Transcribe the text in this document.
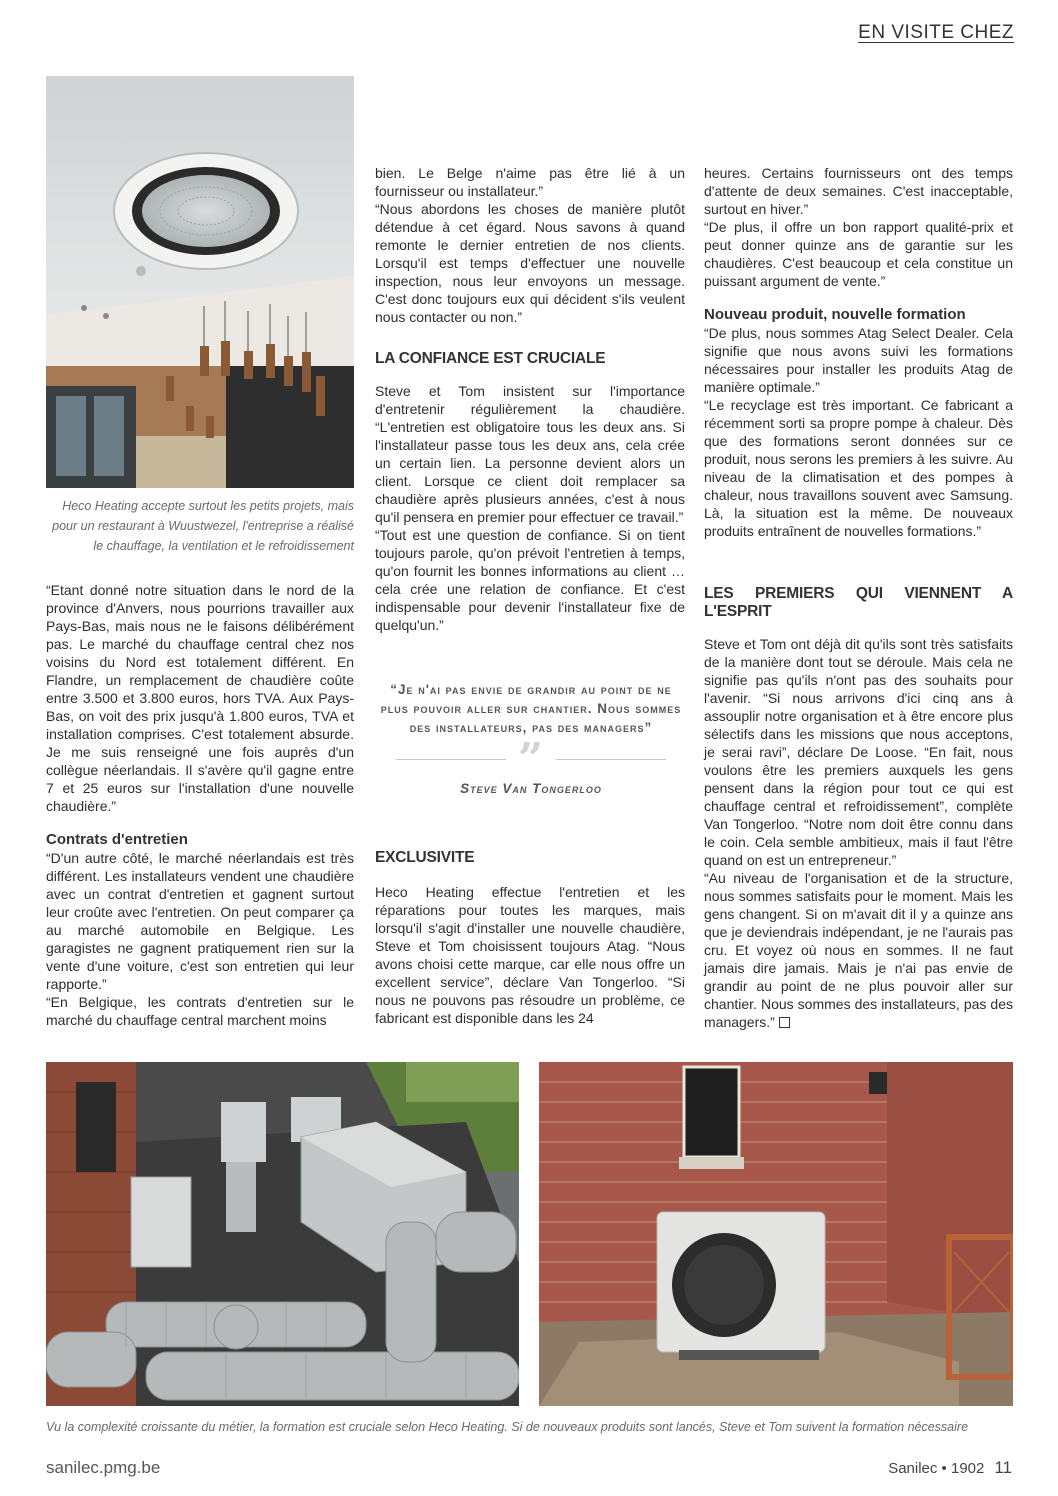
EN VISITE CHEZ
Heco Heating accepte surtout les petits projets, mais pour un restaurant à Wuustwezel, l'entreprise a réalisé le chauffage, la ventilation et le refroidissement

“Etant donné notre situation dans le nord de la province d'Anvers, nous pourrions travailler aux Pays-Bas, mais nous ne le faisons délibérément pas. Le marché du chauffage central chez nos voisins du Nord est totalement différent. En Flandre, un remplacement de chaudière coûte entre 3.500 et 3.800 euros, hors TVA. Aux Pays-Bas, on voit des prix jusqu'à 1.800 euros, TVA et installation comprises. C'est totalement absurde. Je me suis renseigné une fois auprès d'un collègue néerlandais. Il s'avère qu'il gagne entre 7 et 25 euros sur l'installation d'une nouvelle chaudière.”

Contrats d'entretien

“D'un autre côté, le marché néerlandais est très différent. Les installateurs vendent une chaudière avec un contrat d'entretien et gagnent surtout leur croûte avec l'entretien. On peut comparer ça au marché automobile en Belgique. Les garagistes ne gagnent pratiquement rien sur la vente d'une voiture, c'est son entretien qui leur rapporte.”

“En Belgique, les contrats d'entretien sur le marché du chauffage central marchent moins

bien. Le Belge n'aime pas être lié à un fournisseur ou installateur.”

“Nous abordons les choses de manière plutôt détendue à cet égard. Nous savons à quand remonte le dernier entretien de nos clients. Lorsqu'il est temps d'effectuer une nouvelle inspection, nous leur envoyons un message. C'est donc toujours eux qui décident s'ils veulent nous contacter ou non.”

LA CONFIANCE EST CRUCIALE

Steve et Tom insistent sur l'importance d'entretenir régulièrement la chaudière. “L'entretien est obligatoire tous les deux ans. Si l'installateur passe tous les deux ans, cela crée un certain lien. La personne devient alors un client. Lorsque ce client doit remplacer sa chaudière après plusieurs années, c'est à nous qu'il pensera en premier pour effectuer ce travail.”

“Tout est une question de confiance. Si on tient toujours parole, qu'on prévoit l'entretien à temps, qu'on fournit les bonnes informations au client … cela crée une relation de confiance. Et c'est indispensable pour devenir l'installateur fixe de quelqu'un.”

“Je n'ai pas envie de grandir au point de ne plus pouvoir aller sur chantier. Nous sommes des installateurs, pas des managers”
”
Steve Van Tongerloo
EXCLUSIVITE

Heco Heating effectue l'entretien et les réparations pour toutes les marques, mais lorsqu'il s'agit d'installer une nouvelle chaudière, Steve et Tom choisissent toujours Atag. “Nous avons choisi cette marque, car elle nous offre un excellent service”, déclare Van Tongerloo. “Si nous ne pouvons pas résoudre un problème, ce fabricant est disponible dans les 24

heures. Certains fournisseurs ont des temps d'attente de deux semaines. C'est inacceptable, surtout en hiver.”

“De plus, il offre un bon rapport qualité-prix et peut donner quinze ans de garantie sur les chaudières. C'est beaucoup et cela constitue un puissant argument de vente.”

Nouveau produit, nouvelle formation

“De plus, nous sommes Atag Select Dealer. Cela signifie que nous avons suivi les formations nécessaires pour installer les produits Atag de manière optimale.”

“Le recyclage est très important. Ce fabricant a récemment sorti sa propre pompe à chaleur. Dès que des formations seront données sur ce produit, nous serons les premiers à les suivre. Au niveau de la climatisation et des pompes à chaleur, nous travaillons souvent avec Samsung. Là, la situation est la même. De nouveaux produits entraînent de nouvelles formations.”

LES PREMIERS QUI VIENNENT A L'ESPRIT

Steve et Tom ont déjà dit qu'ils sont très satisfaits de la manière dont tout se déroule. Mais cela ne signifie pas qu'ils n'ont pas des souhaits pour l'avenir. “Si nous arrivons d'ici cinq ans à assouplir notre organisation et à être encore plus sélectifs dans les missions que nous acceptons, je serai ravi”, déclare De Loose. “En fait, nous voulons être les premiers auxquels les gens pensent dans la région pour tout ce qui est chauffage central et refroidissement”, complète Van Tongerloo. “Notre nom doit être connu dans le coin. Cela semble ambitieux, mais il faut l'être quand on est un entrepreneur.”

“Au niveau de l'organisation et de la structure, nous sommes satisfaits pour le moment. Mais les gens changent. Si on m'avait dit il y a quinze ans que je deviendrais indépendant, je ne l'aurais pas cru. Et voyez où nous en sommes. Il ne faut jamais dire jamais. Mais je n'ai pas envie de grandir au point de ne plus pouvoir aller sur chantier. Nous sommes des installateurs, pas des managers.”

Vu la complexité croissante du métier, la formation est cruciale selon Heco Heating. Si de nouveaux produits sont lancés, Steve et Tom suivent la formation nécessaire
sanilec.pmg.be	Sanilec • 1902 11
